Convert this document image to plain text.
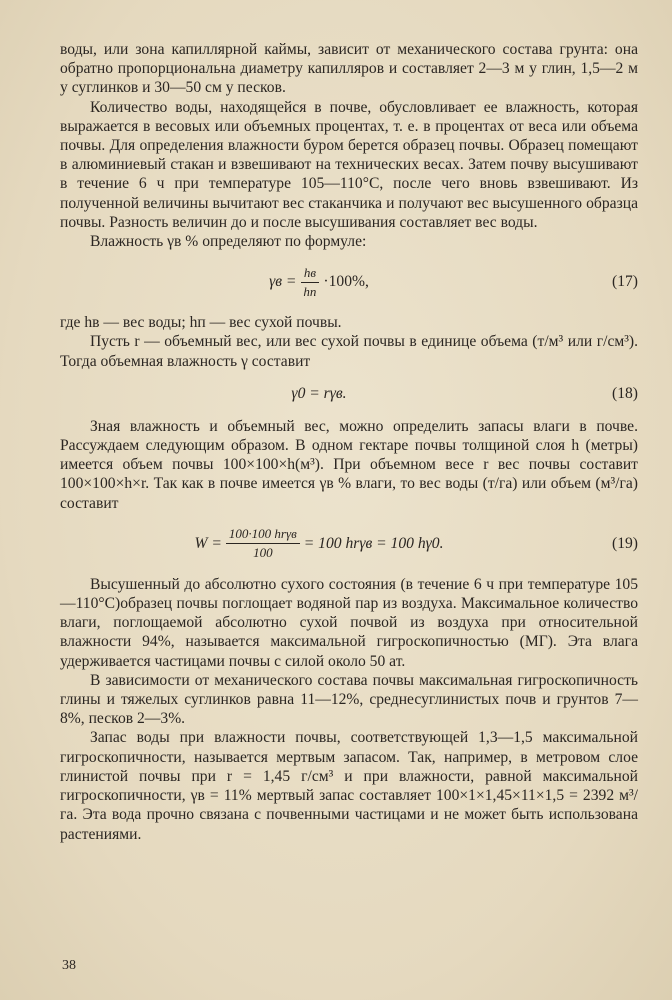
воды, или зона капиллярной каймы, зависит от механического состава грунта: она обратно пропорциональна диаметру капилляров и составляет 2—3 м у глин, 1,5—2 м у суглинков и 30—50 см у песков.

Количество воды, находящейся в почве, обусловливает ее влажность, которая выражается в весовых или объемных процентах, т. е. в процентах от веса или объема почвы. Для определения влажности буром берется образец почвы. Образец помещают в алюминиевый стакан и взвешивают на технических весах. Затем почву высушивают в течение 6 ч при температуре 105—110°С, после чего вновь взвешивают. Из полученной величины вычитают вес стаканчика и получают вес высушенного образца почвы. Разность величин до и после высушивания составляет вес воды.

Влажность γв % определяют по формуле:

$\gamma в = \frac{hв}{hп} \cdot 100\%$,	(17)

где hв — вес воды; hп — вес сухой почвы.

Пусть r — объемный вес, или вес сухой почвы в единице объема (т/м³ или г/см³). Тогда объемная влажность γ составит

γ0 = rγв.	(18)

Зная влажность и объемный вес, можно определить запасы влаги в почве. Рассуждаем следующим образом. В одном гектаре почвы толщиной слоя h (метры) имеется объем почвы 100×100×h(м³). При объемном весе r вес почвы составит 100×100×h×r. Так как в почве имеется γв % влаги, то вес воды (т/га) или объем (м³/га) составит

$W = \frac{\text{100·100 hrγв}}{100} = 100$ hrγв = 100 hγ0.	(19)

Высушенный до абсолютно сухого состояния (в течение 6 ч при температуре 105—110°С)образец почвы поглощает водяной пар из воздуха. Максимальное количество влаги, поглощаемой абсолютно сухой почвой из воздуха при относительной влажности 94%, называется максимальной гигроскопичностью (МГ). Эта влага удерживается частицами почвы с силой около 50 ат.

В зависимости от механического состава почвы максимальная гигроскопичность глины и тяжелых суглинков равна 11—12%, среднесуглинистых почв и грунтов 7—8%, песков 2—3%.

Запас воды при влажности почвы, соответствующей 1,3—1,5 максимальной гигроскопичности, называется мертвым запасом. Так, например, в метровом слое глинистой почвы при r = 1,45 г/см³ и при влажности, равной максимальной гигроскопичности, γв = 11% мертвый запас составляет 100×1×1,45×11×1,5 = 2392 м³/га. Эта вода прочно связана с почвенными частицами и не может быть использована растениями.

38
